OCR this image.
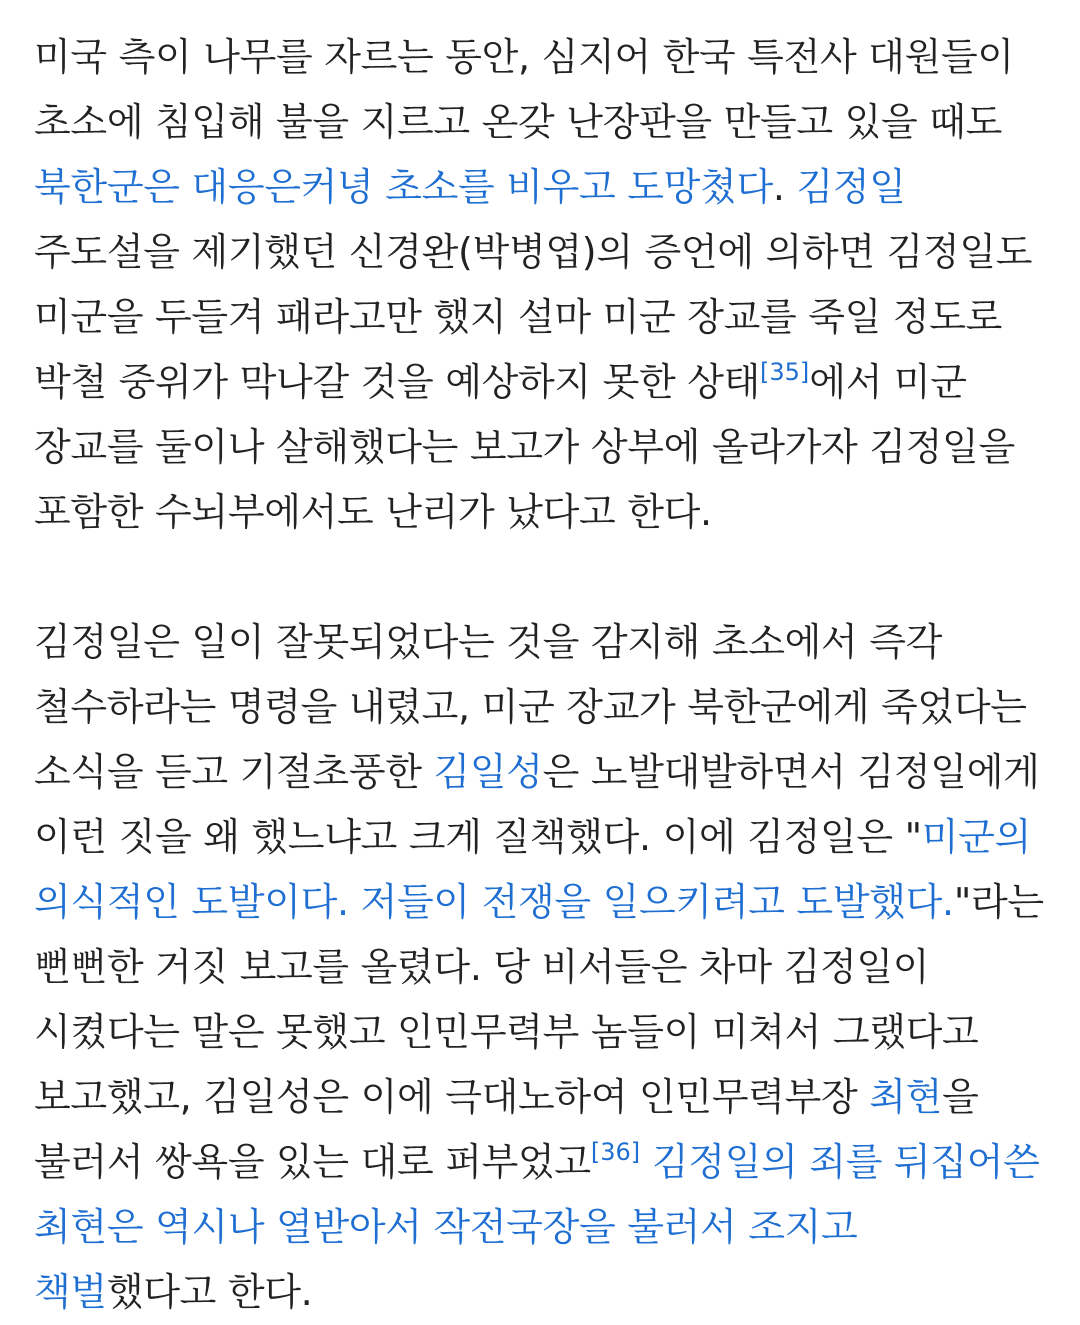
미국 측이 나무를 자르는 동안, 심지어 한국 특전사 대원들이 초소에 침입해 불을 지르고 온갖 난장판을 만들고 있을 때도 북한군은 대응은커녕 초소를 비우고 도망쳤다. 김정일 주도설을 제기했던 신경완(박병엽)의 증언에 의하면 김정일도 미군을 두들겨 패라고만 했지 설마 미군 장교를 죽일 정도로 박철 중위가 막나갈 것을 예상하지 못한 상태[35]에서 미군 장교를 둘이나 살해했다는 보고가 상부에 올라가자 김정일을 포함한 수뇌부에서도 난리가 났다고 한다.

김정일은 일이 잘못되었다는 것을 감지해 초소에서 즉각 철수하라는 명령을 내렸고, 미군 장교가 북한군에게 죽었다는 소식을 듣고 기절초풍한 김일성은 노발대발하면서 김정일에게 이런 짓을 왜 했느냐고 크게 질책했다. 이에 김정일은 "미군의 의식적인 도발이다. 저들이 전쟁을 일으키려고 도발했다."라는 뻔뻔한 거짓 보고를 올렸다. 당 비서들은 차마 김정일이 시켰다는 말은 못했고 인민무력부 놈들이 미쳐서 그랬다고 보고했고, 김일성은 이에 극대노하여 인민무력부장 최현을 불러서 쌍욕을 있는 대로 퍼부었고[36] 김정일의 죄를 뒤집어쓴 최현은 역시나 열받아서 작전국장을 불러서 조지고 책벌했다고 한다.
